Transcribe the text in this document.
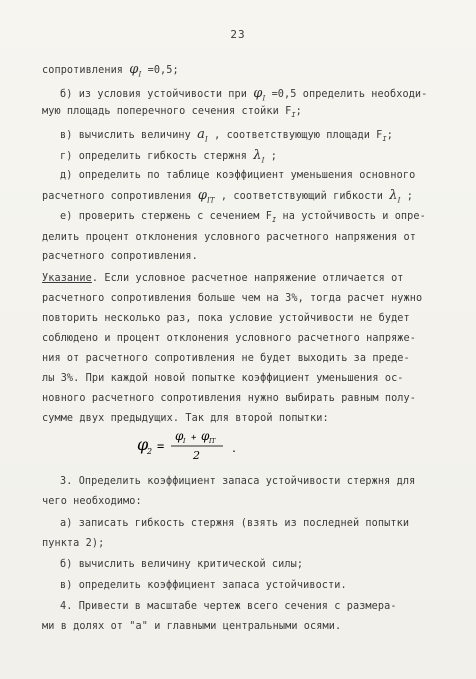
23
сопротивления $\varphi_I =0,5$;
б) из условия устойчивости при $\varphi_I =0,5$ определить необходи-
мую площадь поперечного сечения стойки $F_I$;
в) вычислить величину $a_I$ , соответствующую площади $F_I$;
г) определить гибкость стержня $\lambda_I$ ;
д) определить по таблице коэффициент уменьшения основного
расчетного сопротивления $\varphi_{IT}$ , соответствующий гибкости $\lambda_I$ ;
е) проверить стержень с сечением $F_I$ на устойчивость и опре-
делить процент отклонения условного расчетного напряжения от
расчетного сопротивления.
Указание. Если условное расчетное напряжение отличается от
расчетного сопротивления больше чем на 3%, тогда расчет нужно
повторить несколько раз, пока условие устойчивости не будет
соблюдено и процент отклонения условного расчетного напряже-
ния от расчетного сопротивления не будет выходить за преде-
лы 3%. При каждой новой попытке коэффициент уменьшения ос-
новного расчетного сопротивления нужно выбирать равным полу-
сумме двух предыдущих. Так для второй попытки:
φ
2 =
φ I + φ IT
2	.
3. Определить коэффициент запаса устойчивости стержня для
чего необходимо:
а) записать гибкость стержня (взять из последней попытки
пункта 2);
б) вычислить величину критической силы;
в) определить коэффициент запаса устойчивости.
4. Привести в масштабе чертеж всего сечения с размера-
ми в долях от "а" и главными центральными осями.
